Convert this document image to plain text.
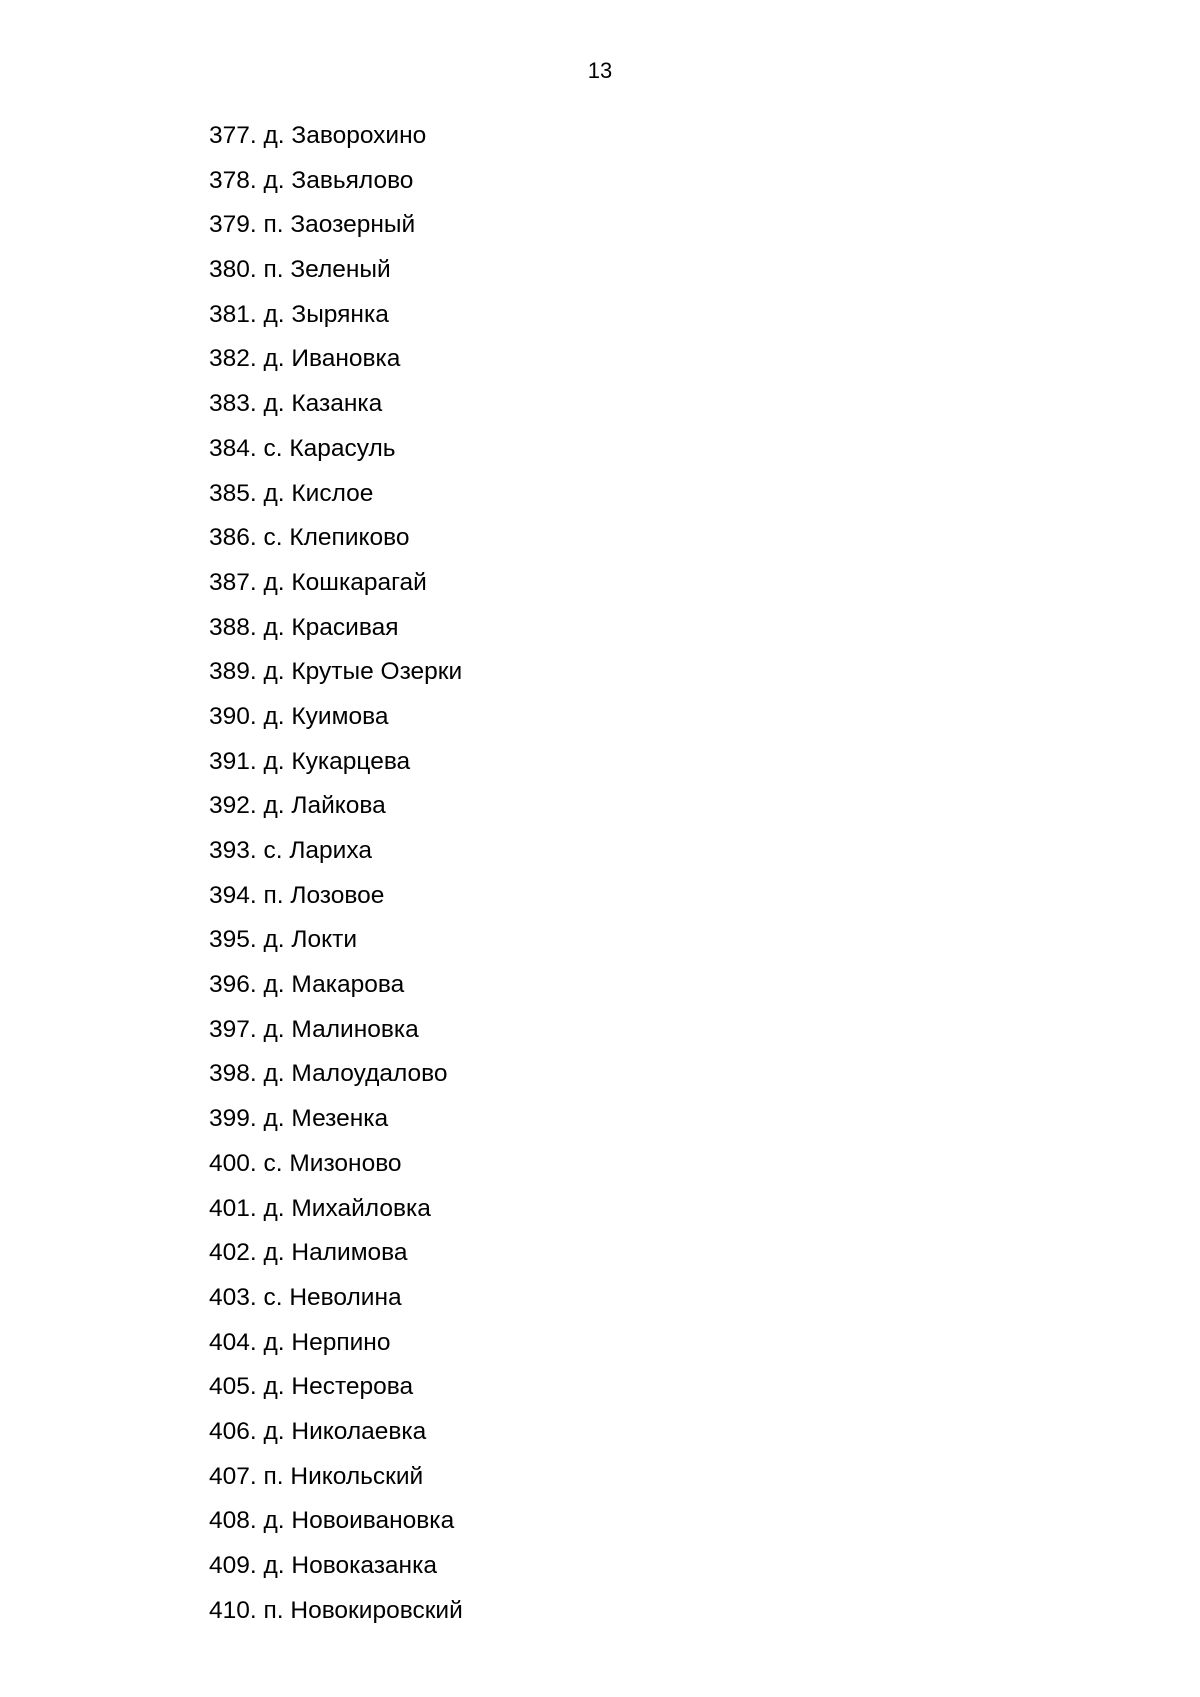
13
377. д. Заворохино
378. д. Завьялово
379. п. Заозерный
380. п. Зеленый
381. д. Зырянка
382. д. Ивановка
383. д. Казанка
384. с. Карасуль
385. д. Кислое
386. с. Клепиково
387. д. Кошкарагай
388. д. Красивая
389. д. Крутые Озерки
390. д. Куимова
391. д. Кукарцева
392. д. Лайкова
393. с. Лариха
394. п. Лозовое
395. д. Локти
396. д. Макарова
397. д. Малиновка
398. д. Малоудалово
399. д. Мезенка
400. с. Мизоново
401. д. Михайловка
402. д. Налимова
403. с. Неволина
404. д. Нерпино
405. д. Нестерова
406. д. Николаевка
407. п. Никольский
408. д. Новоивановка
409. д. Новоказанка
410. п. Новокировский
